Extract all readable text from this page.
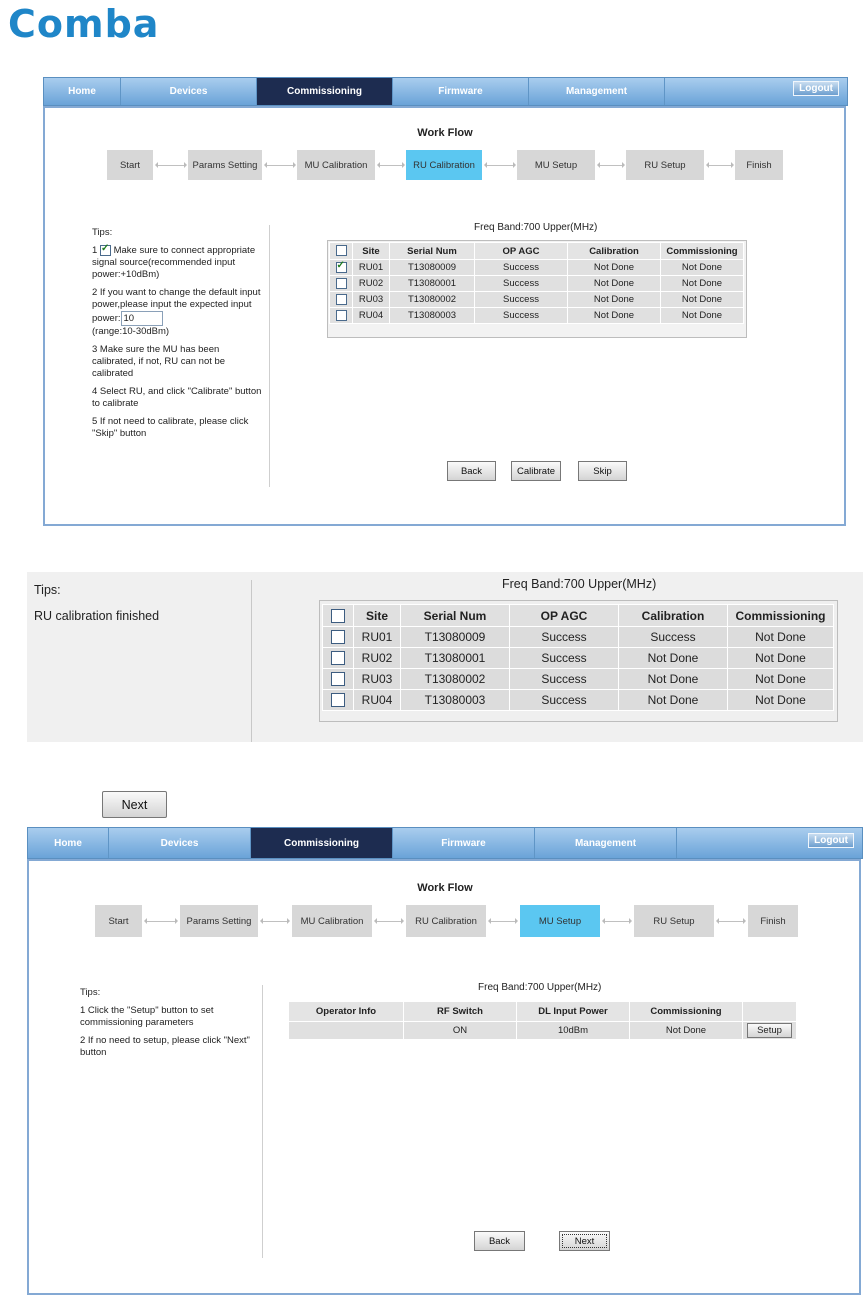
Comba
Home	Devices	Commissioning	Firmware	Management	Logout
Work Flow
Start	Params Setting	MU Calibration	RU Calibration	MU Setup	RU Setup	Finish

Tips:

1 ✓ Make sure to connect appropriate signal source(recommended input power:+10dBm)

2 If you want to change the default input power,please input the expected input power: 10
(range:10-30dBm)

3 Make sure the MU has been calibrated, if not, RU can not be calibrated

4 Select RU, and click "Calibrate" button to calibrate

5 If not need to calibrate, please click "Skip" button

Freq Band:700 Upper(MHz)
	Site	Serial Num	OP AGC	Calibration	Commissioning
✓	RU01	T13080009	Success	Not Done	Not Done
	RU02	T13080001	Success	Not Done	Not Done
	RU03	T13080002	Success	Not Done	Not Done
	RU04	T13080003	Success	Not Done	Not Done
Back	Calibrate	Skip
Tips:
RU calibration finished
Freq Band:700 Upper(MHz)
	Site	Serial Num	OP AGC	Calibration	Commissioning
	RU01	T13080009	Success	Success	Not Done
	RU02	T13080001	Success	Not Done	Not Done
	RU03	T13080002	Success	Not Done	Not Done
	RU04	T13080003	Success	Not Done	Not Done
Next
Home	Devices	Commissioning	Firmware	Management	Logout
Work Flow
Start	Params Setting	MU Calibration	RU Calibration	MU Setup	RU Setup	Finish

Tips:

1 Click the "Setup" button to set commissioning parameters

2 If no need to setup, please click "Next" button

Freq Band:700 Upper(MHz)
Operator Info	RF Switch	DL Input Power	Commissioning	
	ON	10dBm	Not Done	Setup
Back	Next
